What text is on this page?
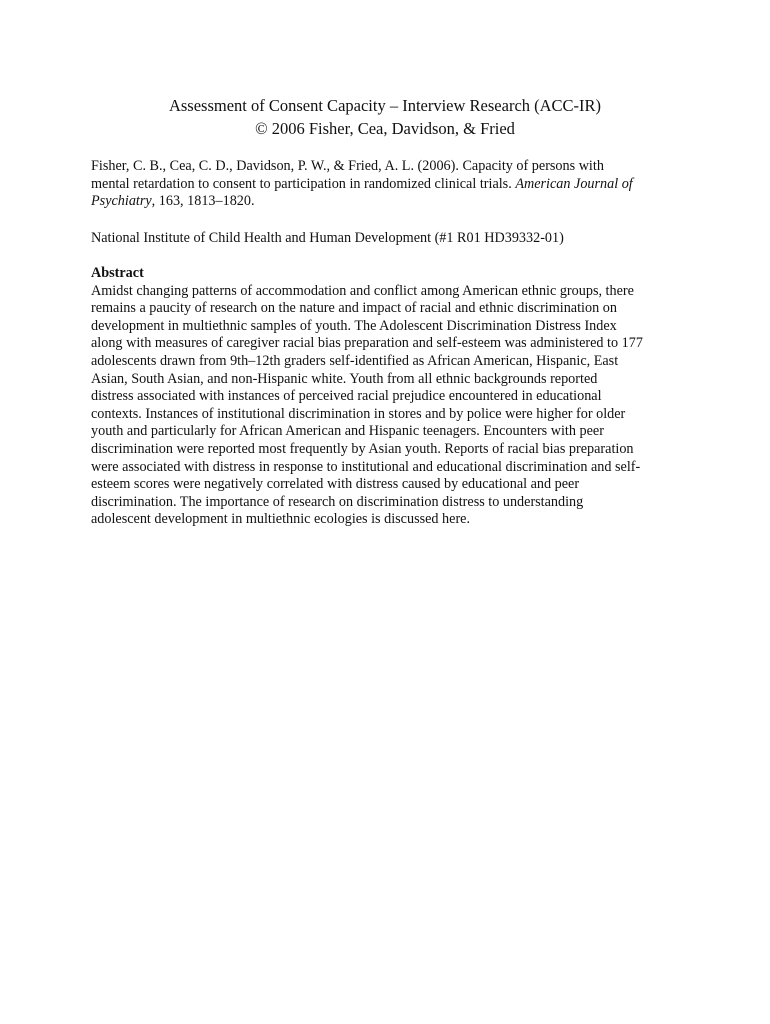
Assessment of Consent Capacity – Interview Research (ACC-IR)
© 2006 Fisher, Cea, Davidson, & Fried
Fisher, C. B., Cea, C. D., Davidson, P. W., & Fried, A. L. (2006). Capacity of persons with
mental retardation to consent to participation in randomized clinical trials. American Journal of
Psychiatry, 163, 1813–1820.
National Institute of Child Health and Human Development (#1 R01 HD39332-01)
Abstract
Amidst changing patterns of accommodation and conflict among American ethnic groups, there
remains a paucity of research on the nature and impact of racial and ethnic discrimination on
development in multiethnic samples of youth. The Adolescent Discrimination Distress Index
along with measures of caregiver racial bias preparation and self-esteem was administered to 177
adolescents drawn from 9th–12th graders self-identified as African American, Hispanic, East
Asian, South Asian, and non-Hispanic white. Youth from all ethnic backgrounds reported
distress associated with instances of perceived racial prejudice encountered in educational
contexts. Instances of institutional discrimination in stores and by police were higher for older
youth and particularly for African American and Hispanic teenagers. Encounters with peer
discrimination were reported most frequently by Asian youth. Reports of racial bias preparation
were associated with distress in response to institutional and educational discrimination and self-
esteem scores were negatively correlated with distress caused by educational and peer
discrimination. The importance of research on discrimination distress to understanding
adolescent development in multiethnic ecologies is discussed here.
